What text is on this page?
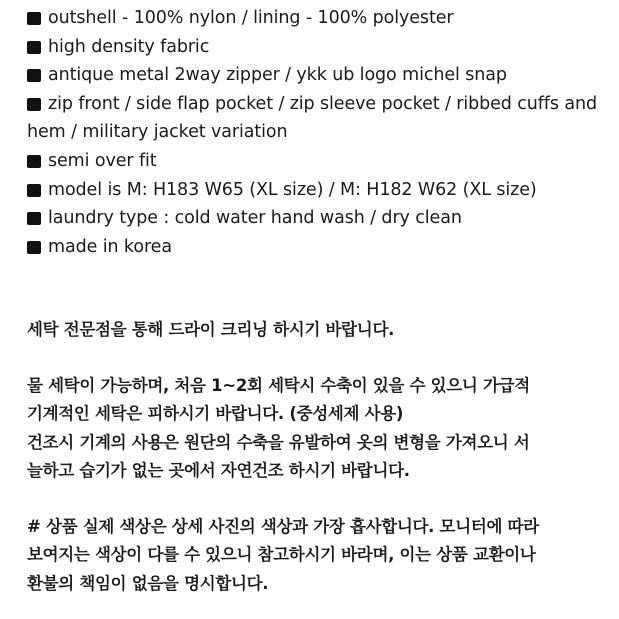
outshell - 100% nylon / lining - 100% polyester
high density fabric
antique metal 2way zipper / ykk ub logo michel snap
zip front / side flap pocket / zip sleeve pocket / ribbed cuffs and hem / military jacket variation
semi over fit
model is M: H183 W65 (XL size) / M: H182 W62 (XL size)
laundry type : cold water hand wash / dry clean
made in korea

세탁 전문점을 통해 드라이 크리닝 하시기 바랍니다.

물 세탁이 가능하며, 처음 1~2회 세탁시 수축이 있을 수 있으니 가급적
기계적인 세탁은 피하시기 바랍니다. (중성세제 사용)
건조시 기계의 사용은 원단의 수축을 유발하여 옷의 변형을 가져오니 서
늘하고 습기가 없는 곳에서 자연건조 하시기 바랍니다.

# 상품 실제 색상은 상세 사진의 색상과 가장 흡사합니다. 모니터에 따라
보여지는 색상이 다를 수 있으니 참고하시기 바라며, 이는 상품 교환이나
환불의 책임이 없음을 명시합니다.
